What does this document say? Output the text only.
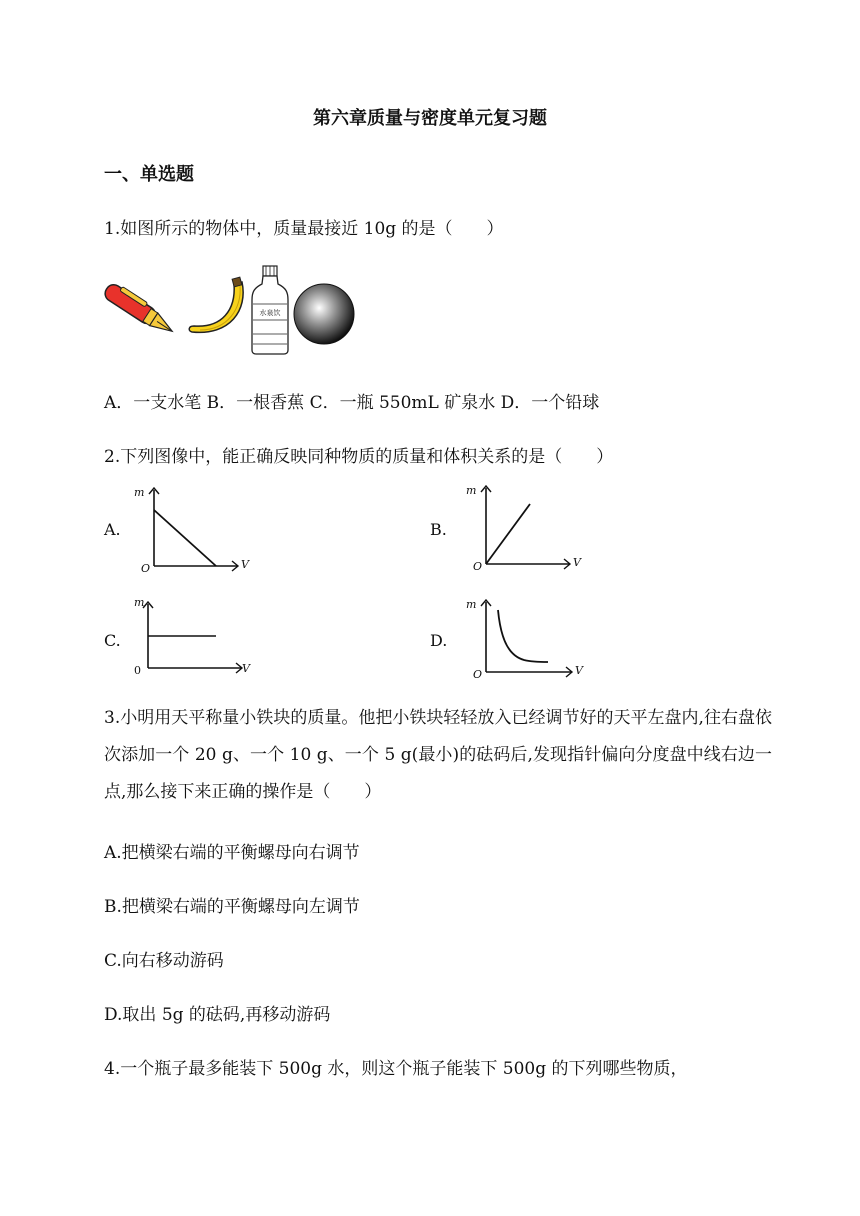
第六章质量与密度单元复习题
一、单选题
1.如图所示的物体中，质量最接近 10g 的是（　　）
水泉饮
A．一支水笔 B．一根香蕉 C．一瓶 550mL 矿泉水 D．一个铅球
2.下列图像中，能正确反映同种物质的质量和体积关系的是（　　）
A.
m
V
O
B.
m
V
O
C.
m
V
0
D.
m
V
O
3.小明用天平称量小铁块的质量。他把小铁块轻轻放入已经调节好的天平左盘内,往右盘依次添加一个 20 g、一个 10 g、一个 5 g(最小)的砝码后,发现指针偏向分度盘中线右边一点,那么接下来正确的操作是（　　）
A.把横梁右端的平衡螺母向右调节
B.把横梁右端的平衡螺母向左调节
C.向右移动游码
D.取出 5g 的砝码,再移动游码
4.一个瓶子最多能装下 500g 水，则这个瓶子能装下 500g 的下列哪些物质，
